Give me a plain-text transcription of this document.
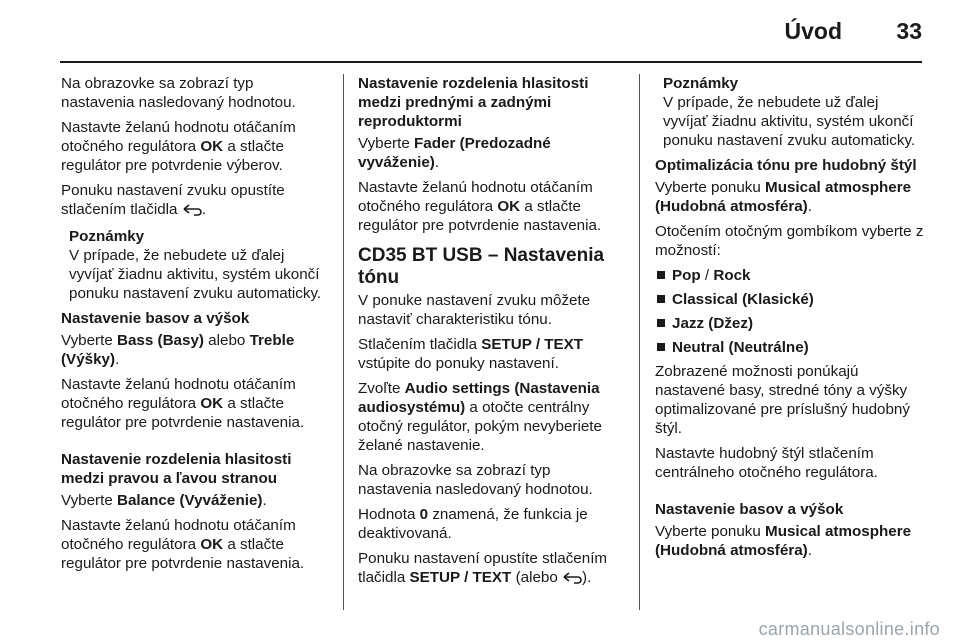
Úvod 33

Na obrazovke sa zobrazí typ nastavenia nasledovaný hodnotou.

Nastavte želanú hodnotu otáčaním otočného regulátora OK a stlačte regulátor pre potvrdenie výberov.

Ponuku nastavení zvuku opustíte stlačením tlačidla .

Poznámky
V prípade, že nebudete už ďalej vyvíjať žiadnu aktivitu, systém ukončí ponuku nastavení zvuku automaticky.
Nastavenie basov a výšok

Vyberte Bass (Basy) alebo Treble (Výšky).

Nastavte želanú hodnotu otáčaním otočného regulátora OK a stlačte regulátor pre potvrdenie nastavenia.

Nastavenie rozdelenia hlasitosti medzi pravou a ľavou stranou

Vyberte Balance (Vyváženie).

Nastavte želanú hodnotu otáčaním otočného regulátora OK a stlačte regulátor pre potvrdenie nastavenia.

Nastavenie rozdelenia hlasitosti medzi prednými a zadnými reproduktormi

Vyberte Fader (Predozadné vyváženie).

Nastavte želanú hodnotu otáčaním otočného regulátora OK a stlačte regulátor pre potvrdenie nastavenia.

CD35 BT USB – Nastavenia tónu

V ponuke nastavení zvuku môžete nastaviť charakteristiku tónu.

Stlačením tlačidla SETUP / TEXT vstúpite do ponuky nastavení.

Zvoľte Audio settings (Nastavenia audiosystému) a otočte centrálny otočný regulátor, pokým nevyberiete želané nastavenie.

Na obrazovke sa zobrazí typ nastavenia nasledovaný hodnotou.

Hodnota 0 znamená, že funkcia je deaktivovaná.

Ponuku nastavení opustíte stlačením tlačidla SETUP / TEXT (alebo ).

Poznámky
V prípade, že nebudete už ďalej vyvíjať žiadnu aktivitu, systém ukončí ponuku nastavení zvuku automaticky.
Optimalizácia tónu pre hudobný štýl

Vyberte ponuku Musical atmosphere (Hudobná atmosféra).

Otočením otočným gombíkom vyberte z možností:

Pop / Rock
Classical (Klasické)
Jazz (Džez)
Neutral (Neutrálne)

Zobrazené možnosti ponúkajú nastavené basy, stredné tóny a výšky optimalizované pre príslušný hudobný štýl.

Nastavte hudobný štýl stlačením centrálneho otočného regulátora.

Nastavenie basov a výšok

Vyberte ponuku Musical atmosphere (Hudobná atmosféra).

carmanualsonline.info
